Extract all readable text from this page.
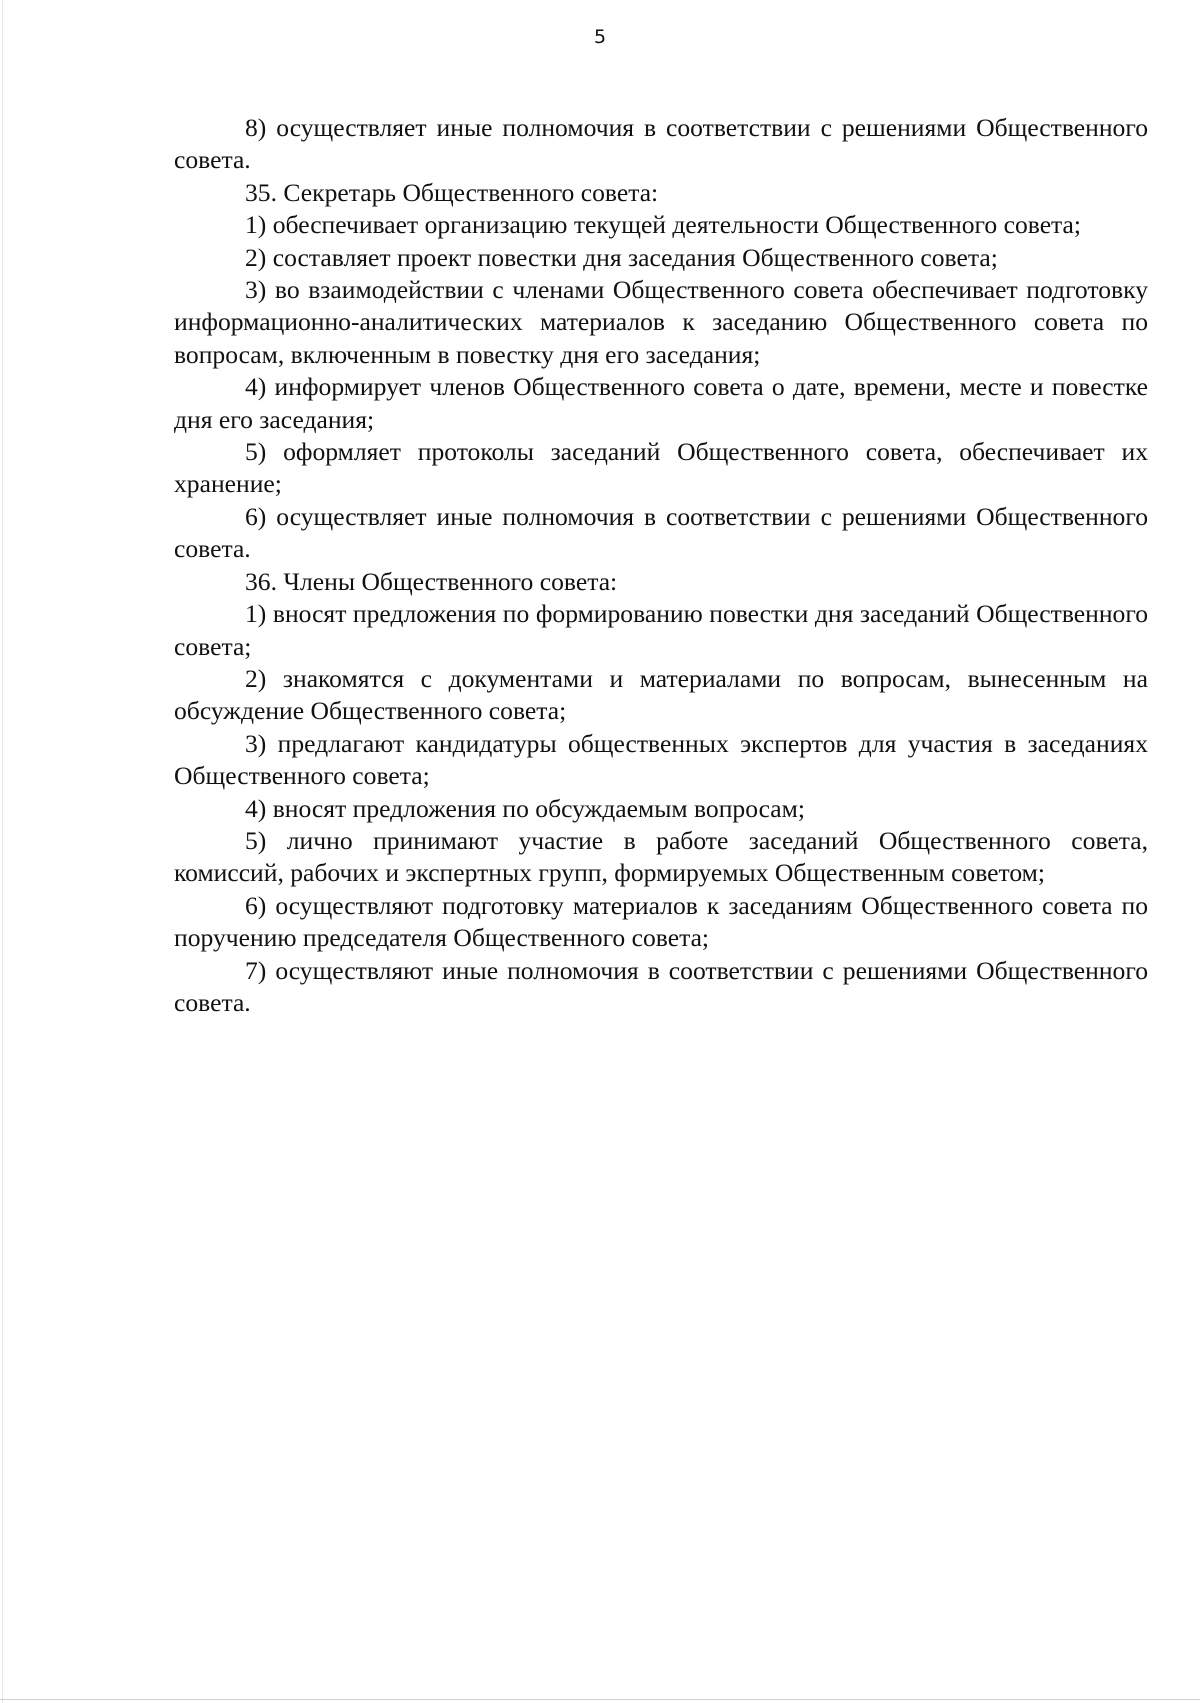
5

8) осуществляет иные полномочия в соответствии с решениями Общественного совета.

35. Секретарь Общественного совета:

1) обеспечивает организацию текущей деятельности Общественного совета;

2) составляет проект повестки дня заседания Общественного совета;

3) во взаимодействии с членами Общественного совета обеспечивает подготовку информационно-аналитических материалов к заседанию Общественного совета по вопросам, включенным в повестку дня его заседания;

4) информирует членов Общественного совета о дате, времени, месте и повестке дня его заседания;

5) оформляет протоколы заседаний Общественного совета, обеспечивает их хранение;

6) осуществляет иные полномочия в соответствии с решениями Общественного совета.

36. Члены Общественного совета:

1) вносят предложения по формированию повестки дня заседаний Общественного совета;

2) знакомятся с документами и материалами по вопросам, вынесенным на обсуждение Общественного совета;

3) предлагают кандидатуры общественных экспертов для участия в заседаниях Общественного совета;

4) вносят предложения по обсуждаемым вопросам;

5) лично принимают участие в работе заседаний Общественного совета, комиссий, рабочих и экспертных групп, формируемых Общественным советом;

6) осуществляют подготовку материалов к заседаниям Общественного совета по поручению председателя Общественного совета;

7) осуществляют иные полномочия в соответствии с решениями Общественного совета.
